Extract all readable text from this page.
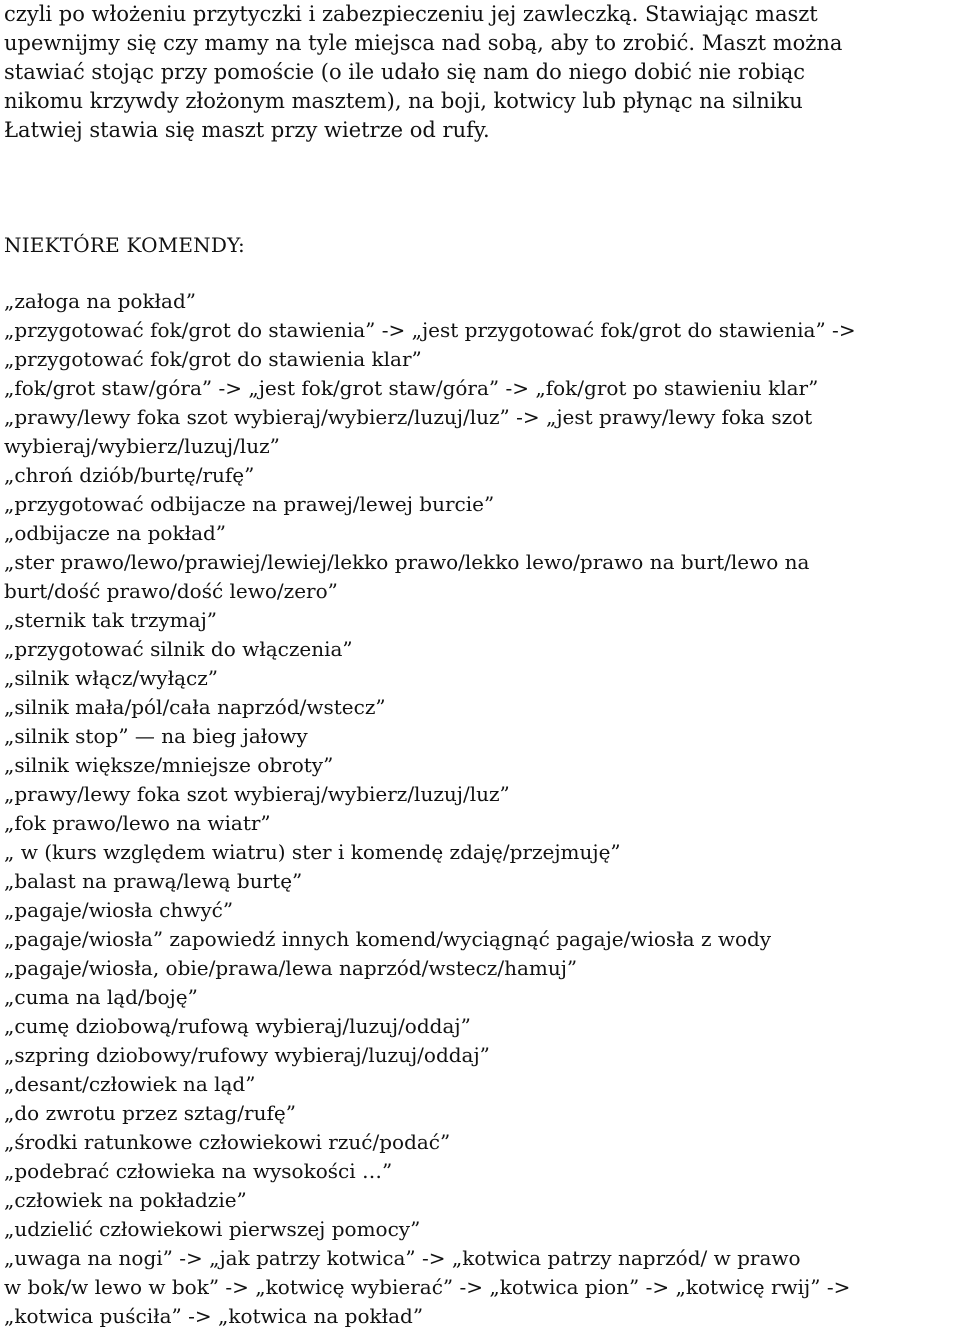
czyli po włożeniu przytyczki i zabezpieczeniu jej zawleczką. Stawiając maszt

upewnijmy się czy mamy na tyle miejsca nad sobą, aby to zrobić. Maszt można

stawiać stojąc przy pomoście (o ile udało się nam do niego dobić nie robiąc

nikomu krzywdy złożonym masztem), na boji, kotwicy lub płynąc na silniku

Łatwiej stawia się maszt przy wietrze od rufy.

NIEKTÓRE KOMENDY:

„załoga na pokład”

„przygotować fok/grot do stawienia” -> „jest przygotować fok/grot do stawienia” ->

„przygotować fok/grot do stawienia klar”

„fok/grot staw/góra” -> „jest fok/grot staw/góra” -> „fok/grot po stawieniu klar”

„prawy/lewy foka szot wybieraj/wybierz/luzuj/luz” -> „jest prawy/lewy foka szot

wybieraj/wybierz/luzuj/luz”

„chroń dziób/burtę/rufę”

„przygotować odbijacze na prawej/lewej burcie”

„odbijacze na pokład”

„ster prawo/lewo/prawiej/lewiej/lekko prawo/lekko lewo/prawo na burt/lewo na

burt/dość prawo/dość lewo/zero”

„sternik tak trzymaj”

„przygotować silnik do włączenia”

„silnik włącz/wyłącz”

„silnik mała/pól/cała naprzód/wstecz”

„silnik stop” — na bieg jałowy

„silnik większe/mniejsze obroty”

„prawy/lewy foka szot wybieraj/wybierz/luzuj/luz”

„fok prawo/lewo na wiatr”

„ w (kurs względem wiatru) ster i komendę zdaję/przejmuję”

„balast na prawą/lewą burtę”

„pagaje/wiosła chwyć”

„pagaje/wiosła” zapowiedź innych komend/wyciągnąć pagaje/wiosła z wody

„pagaje/wiosła, obie/prawa/lewa naprzód/wstecz/hamuj”

„cuma na ląd/boję”

„cumę dziobową/rufową wybieraj/luzuj/oddaj”

„szpring dziobowy/rufowy wybieraj/luzuj/oddaj”

„desant/człowiek na ląd”

„do zwrotu przez sztag/rufę”

„środki ratunkowe człowiekowi rzuć/podać”

„podebrać człowieka na wysokości …”

„człowiek na pokładzie”

„udzielić człowiekowi pierwszej pomocy”

„uwaga na nogi” -> „jak patrzy kotwica” -> „kotwica patrzy naprzód/ w prawo

w bok/w lewo w bok” -> „kotwicę wybierać” -> „kotwica pion” -> „kotwicę rwij” ->

„kotwica puściła” -> „kotwica na pokład”
